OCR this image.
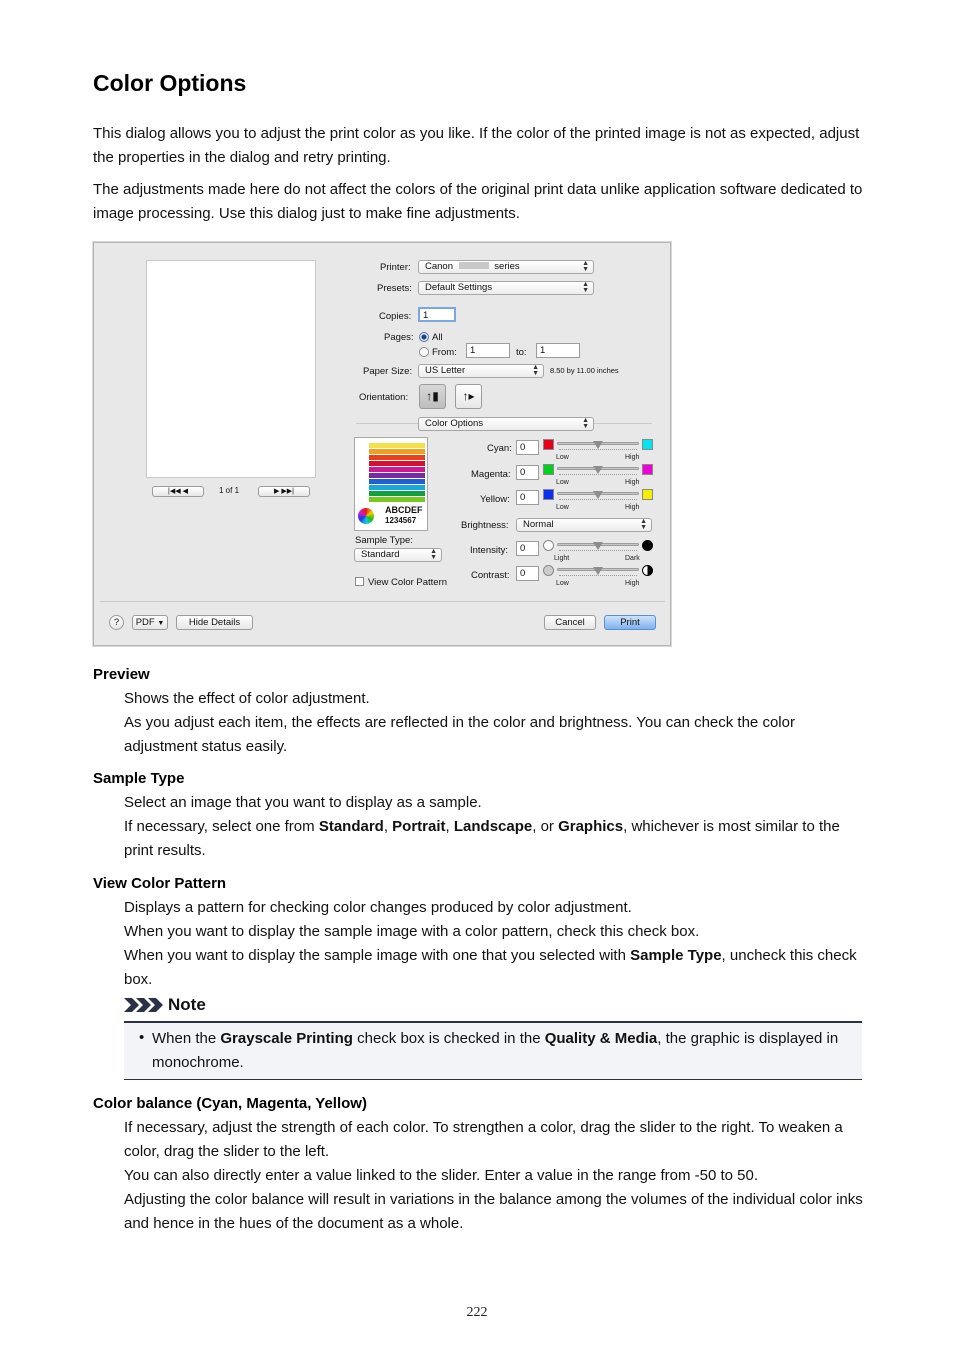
Color Options

This dialog allows you to adjust the print color as you like. If the color of the printed image is not as expected, adjust the properties in the dialog and retry printing.

The adjustments made here do not affect the colors of the original print data unlike application software dedicated to image processing. Use this dialog just to make fine adjustments.

|◀◀ ◀	1 of 1	▶ ▶▶|
Printer:	Canon	series	▲
▼
Presets:	Default Settings	▲
▼
Copies:	1
Pages: All
From:	1	to:	1
Paper Size:	US Letter	▲
▼ 8.50 by 11.00 inches
Orientation:	↑▮	↑▸
Color Options	▲
▼
ABCDEF
1234567
Sample Type:
Standard	▲
▼
View Color Pattern
Cyan: 0
Low	High
Magenta: 0
Low	High
Yellow:	0
Low	High
Brightness:	Normal	▲
▼
Intensity:	0
Light	Dark
Contrast:	0
Low	High
?	PDF ▼	Hide Details	Cancel	Print
Preview

Shows the effect of color adjustment.

As you adjust each item, the effects are reflected in the color and brightness. You can check the color adjustment status easily.

Sample Type

Select an image that you want to display as a sample.

If necessary, select one from Standard, Portrait, Landscape, or Graphics, whichever is most similar to the print results.

View Color Pattern

Displays a pattern for checking color changes produced by color adjustment.

When you want to display the sample image with a color pattern, check this check box.

When you want to display the sample image with one that you selected with Sample Type, uncheck this check box.

Note
• When the Grayscale Printing check box is checked in the Quality & Media, the graphic is displayed in monochrome.

Color balance (Cyan, Magenta, Yellow)

If necessary, adjust the strength of each color. To strengthen a color, drag the slider to the right. To weaken a color, drag the slider to the left.

You can also directly enter a value linked to the slider. Enter a value in the range from -50 to 50.

Adjusting the color balance will result in variations in the balance among the volumes of the individual color inks and hence in the hues of the document as a whole.

222
